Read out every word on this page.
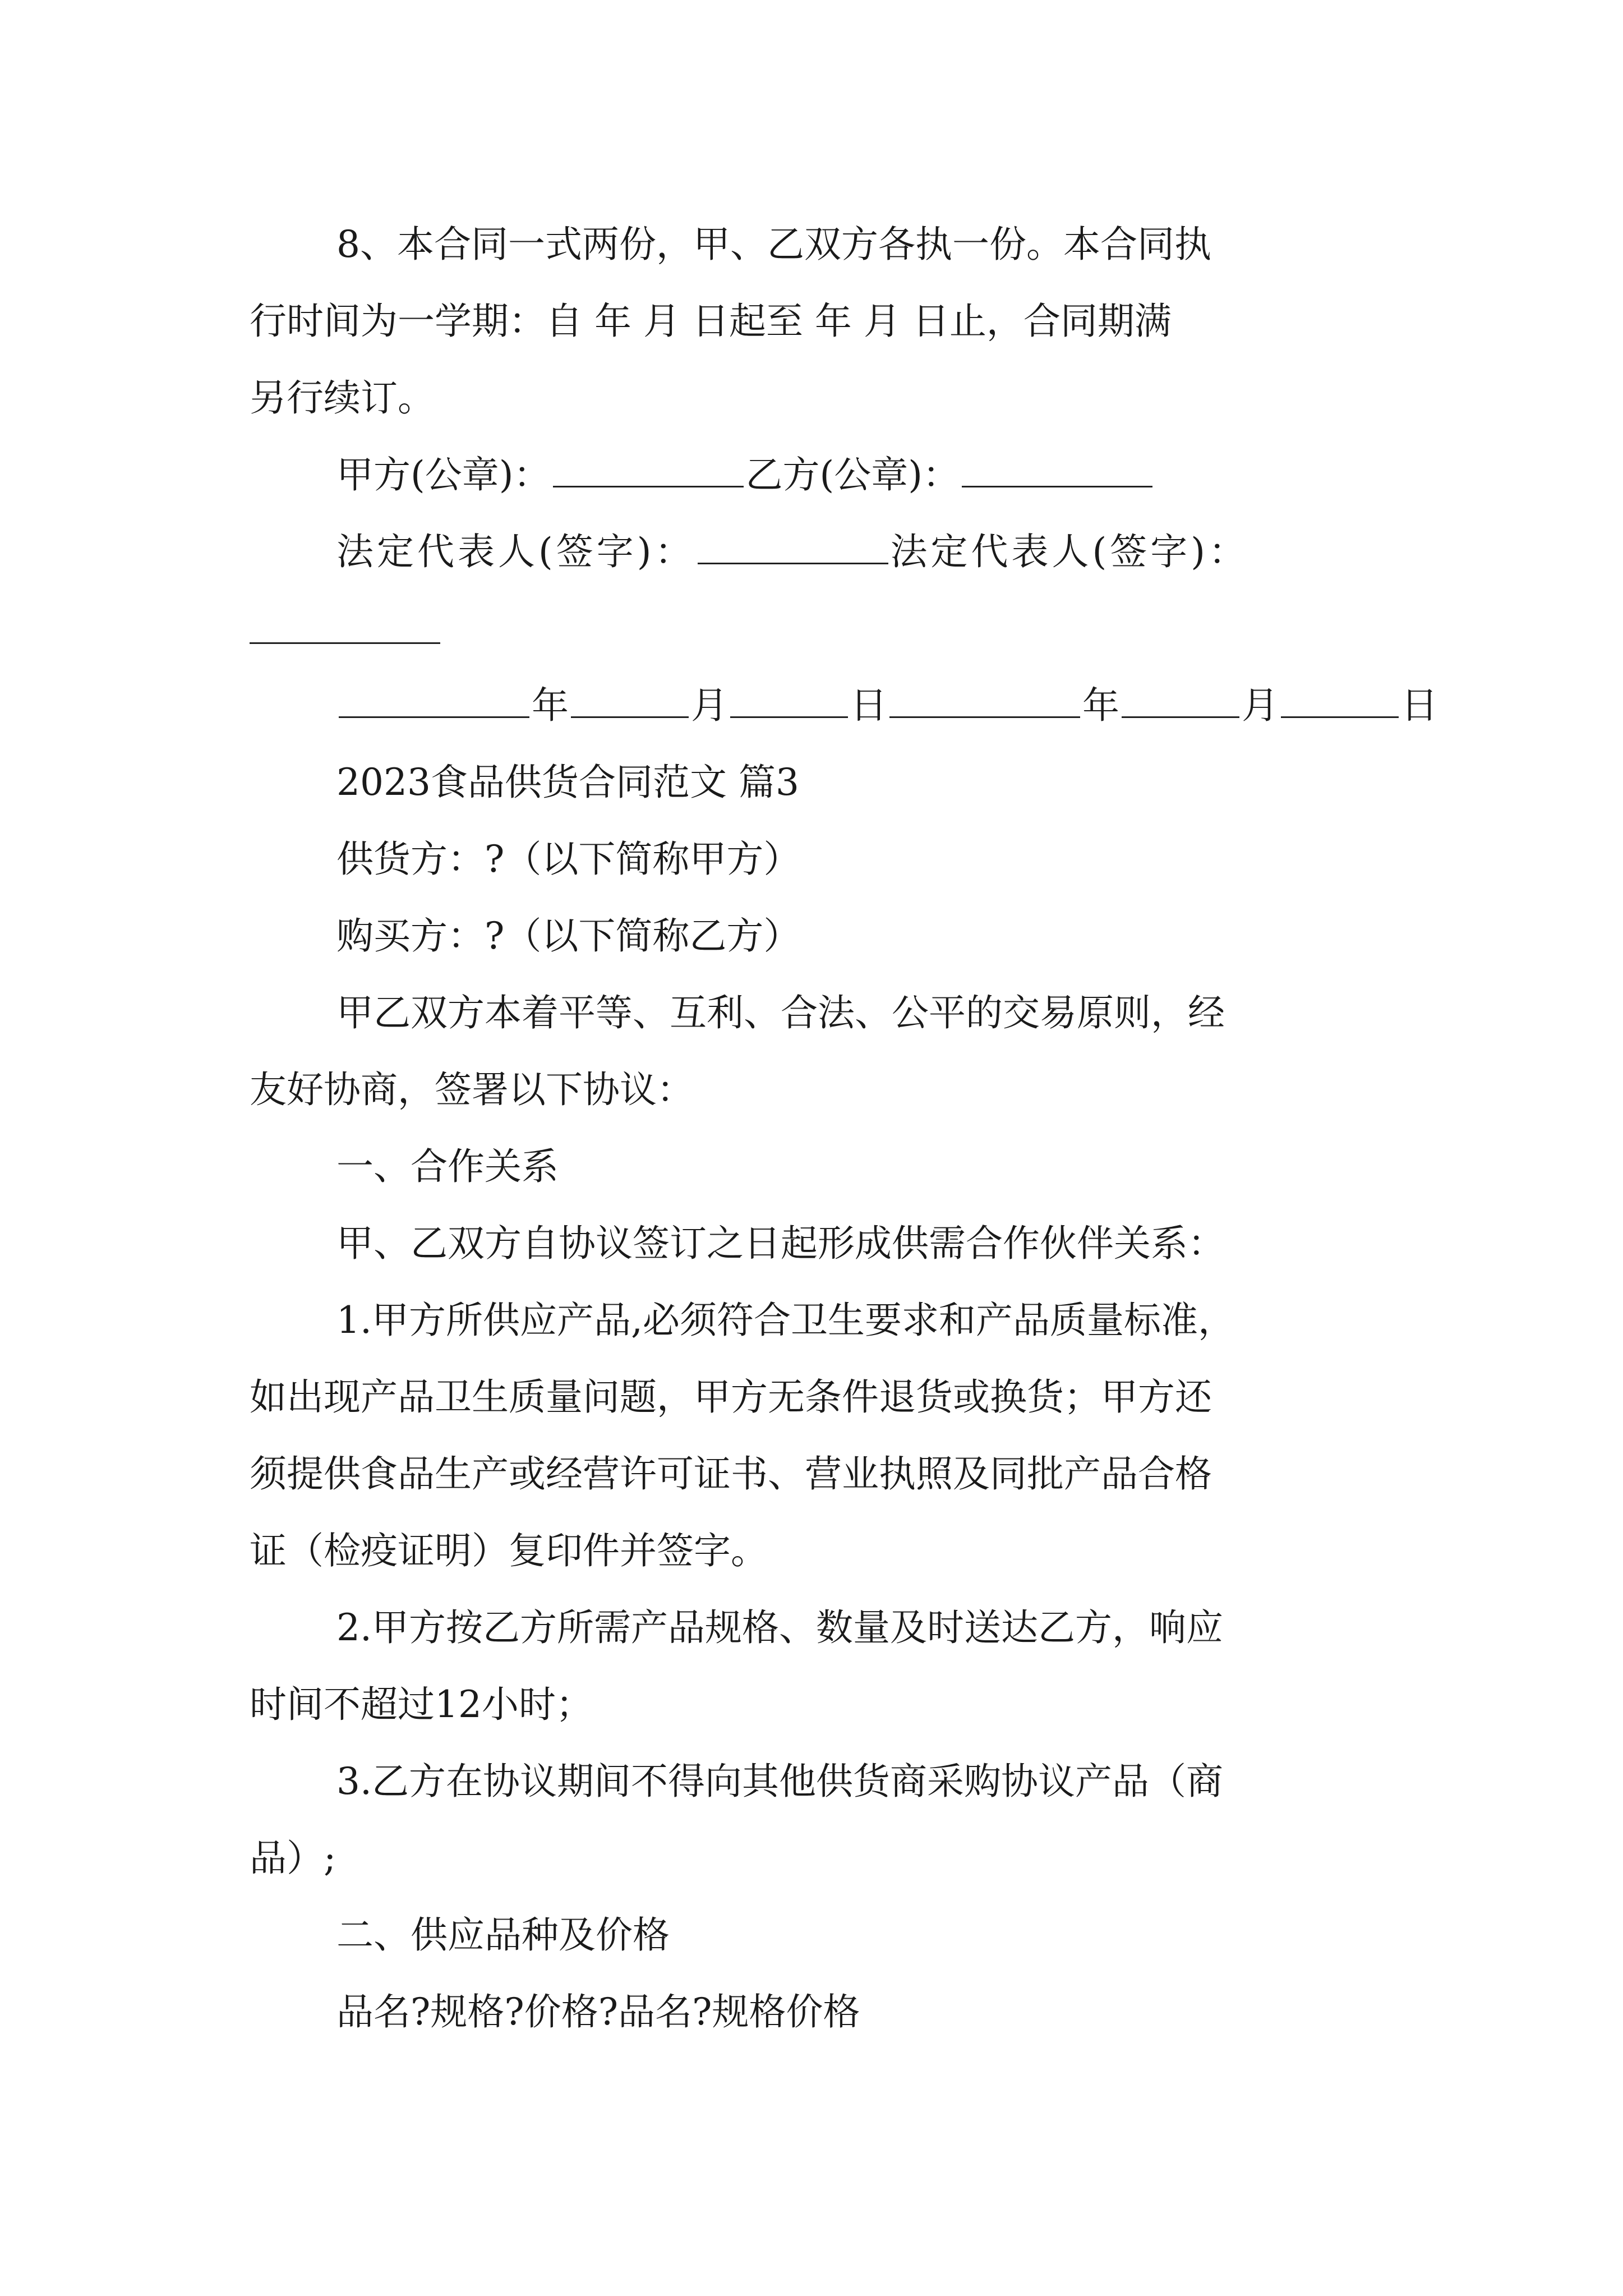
8、本合同一式两份，甲、乙双方各执一份。本合同执
行时间为一学期：自 年 月 日起至 年 月 日止，合同期满
另行续订。
甲方(公章)：	乙方(公章)：
法定代表人(签字)：	法定代表人(签字)：
年	月	日	年	月	日
2023食品供货合同范文 篇3
供货方：?（以下简称甲方）
购买方：?（以下简称乙方）
甲乙双方本着平等、互利、合法、公平的交易原则，经
友好协商，签署以下协议：
一、合作关系
甲、乙双方自协议签订之日起形成供需合作伙伴关系：
1.甲方所供应产品,必须符合卫生要求和产品质量标准，
如出现产品卫生质量问题，甲方无条件退货或换货；甲方还
须提供食品生产或经营许可证书、营业执照及同批产品合格
证（检疫证明）复印件并签字。
2.甲方按乙方所需产品规格、数量及时送达乙方，响应
时间不超过12小时；
3.乙方在协议期间不得向其他供货商采购协议产品（商
品）;
二、供应品种及价格
品名?规格?价格?品名?规格价格
